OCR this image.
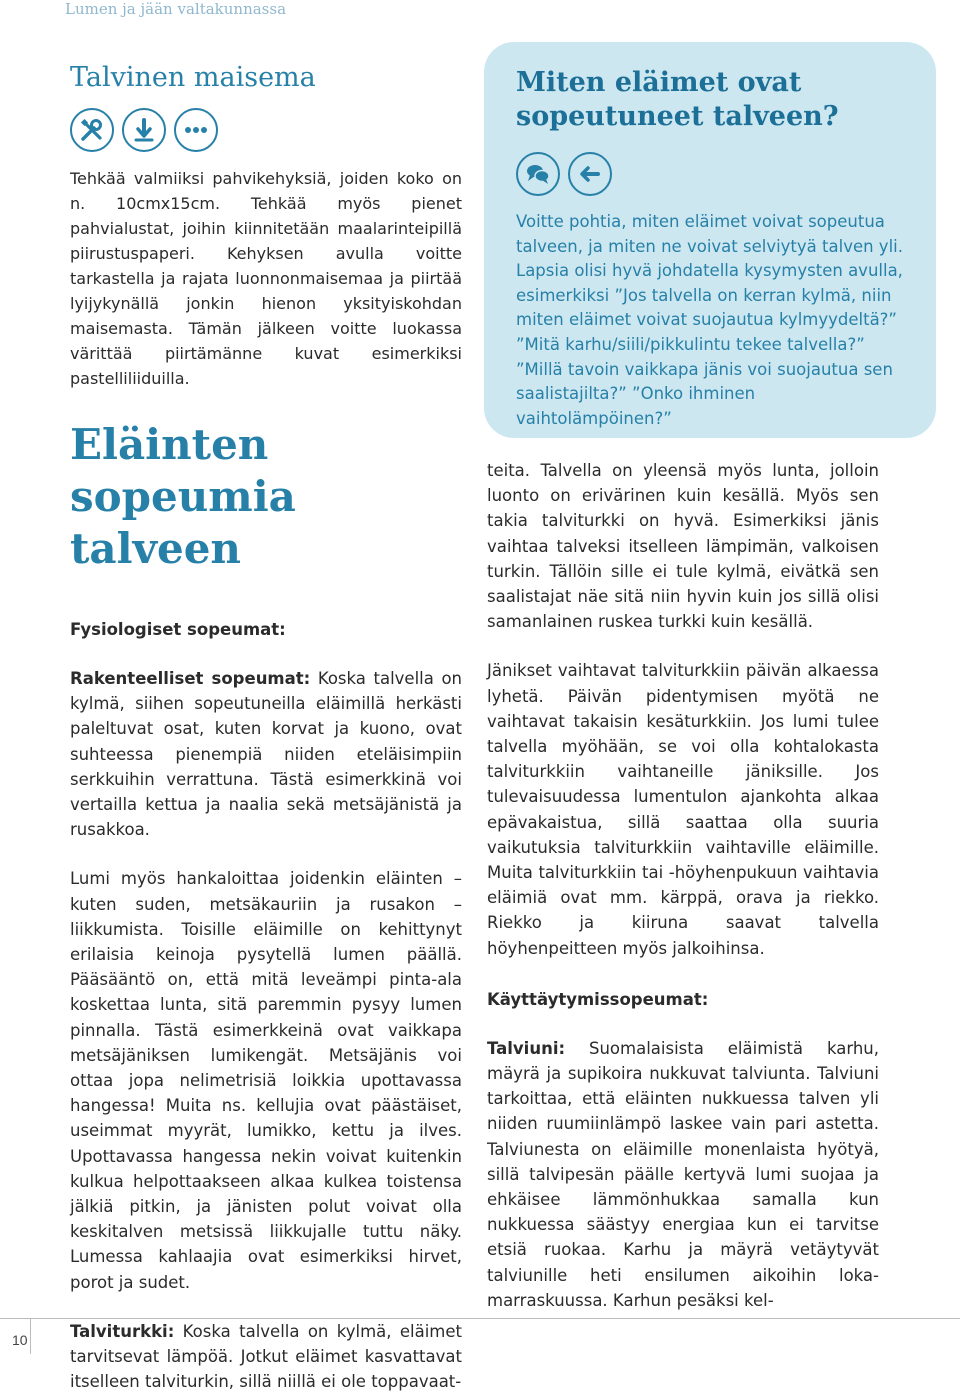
Lumen ja jään valtakunnassa
Talvinen maisema

Tehkää valmiiksi pahvikehyksiä, joiden koko on n. 10cmx15cm. Tehkää myös pienet pahvialustat, joihin kiinnitetään maalarinteipillä piirustuspaperi. Kehyksen avulla voitte tarkastella ja rajata luonnonmaisemaa ja piirtää lyijykynällä jonkin hienon yksityiskohdan maisemasta. Tämän jälkeen voitte luokassa värittää piirtämänne kuvat esimerkiksi pastelliliiduilla.

Eläinten sopeumia
talveen

Fysiologiset sopeumat:

Rakenteelliset sopeumat: Koska talvella on kylmä, siihen sopeutuneilla eläimillä herkästi paleltuvat osat, kuten korvat ja kuono, ovat suhteessa pienempiä niiden eteläisimpiin serkkuihin verrattuna. Tästä esimerkkinä voi vertailla kettua ja naalia sekä metsäjänistä ja rusakkoa.

Lumi myös hankaloittaa joidenkin eläinten – kuten suden, metsäkauriin ja rusakon – liikkumista. Toisille eläimille on kehittynyt erilaisia keinoja pysytellä lumen päällä. Pääsääntö on, että mitä leveämpi pinta-ala koskettaa lunta, sitä paremmin pysyy lumen pinnalla. Tästä esimerkkeinä ovat vaikkapa metsäjäniksen lumikengät. Metsäjänis voi ottaa jopa nelimetrisiä loikkia upottavassa hangessa! Muita ns. kellujia ovat päästäiset, useimmat myyrät, lumikko, kettu ja ilves. Upottavassa hangessa nekin voivat kuitenkin kulkua helpottaakseen alkaa kulkea toistensa jälkiä pitkin, ja jänisten polut voivat olla keskitalven metsissä liikkujalle tuttu näky. Lumessa kahlaajia ovat esimerkiksi hirvet, porot ja sudet.

Talviturkki: Koska talvella on kylmä, eläimet tarvitsevat lämpöä. Jotkut eläimet kasvattavat itselleen talviturkin, sillä niillä ei ole toppavaat-

Miten eläimet ovat sopeutuneet talveen?

Voitte pohtia, miten eläimet voivat sopeutua talveen, ja miten ne voivat selviytyä talven yli. Lapsia olisi hyvä johdatella kysymysten avulla, esimerkiksi ”Jos talvella on kerran kylmä, niin miten eläimet voivat suojautua kylmyydeltä?” ”Mitä karhu/siili/pikkulintu tekee talvella?” ”Millä tavoin vaikkapa jänis voi suojautua sen saalistajilta?” ”Onko ihminen vaihtolämpöinen?”

teita. Talvella on yleensä myös lunta, jolloin luonto on erivärinen kuin kesällä. Myös sen takia talviturkki on hyvä. Esimerkiksi jänis vaihtaa talveksi itselleen lämpimän, valkoisen turkin. Tällöin sille ei tule kylmä, eivätkä sen saalistajat näe sitä niin hyvin kuin jos sillä olisi samanlainen ruskea turkki kuin kesällä.

Jänikset vaihtavat talviturkkiin päivän alkaessa lyhetä. Päivän pidentymisen myötä ne vaihtavat takaisin kesäturkkiin. Jos lumi tulee talvella myöhään, se voi olla kohtalokasta talviturkkiin vaihtaneille jäniksille. Jos tulevaisuudessa lumentulon ajankohta alkaa epävakaistua, sillä saattaa olla suuria vaikutuksia talviturkkiin vaihtaville eläimille. Muita talviturkkiin tai -höyhenpukuun vaihtavia eläimiä ovat mm. kärppä, orava ja riekko. Riekko ja kiiruna saavat talvella höyhenpeitteen myös jalkoihinsa.

Käyttäytymissopeumat:

Talviuni: Suomalaisista eläimistä karhu, mäyrä ja supikoira nukkuvat talviunta. Talviuni tarkoittaa, että eläinten nukkuessa talven yli niiden ruumiinlämpö laskee vain pari astetta. Talviunesta on eläimille monenlaista hyötyä, sillä talvipesän päälle kertyvä lumi suojaa ja ehkäisee lämmönhukkaa samalla kun nukkuessa säästyy energiaa kun ei tarvitse etsiä ruokaa. Karhu ja mäyrä vetäytyvät talviunille heti ensilumen aikoihin loka-marraskuussa. Karhun pesäksi kel-

10
